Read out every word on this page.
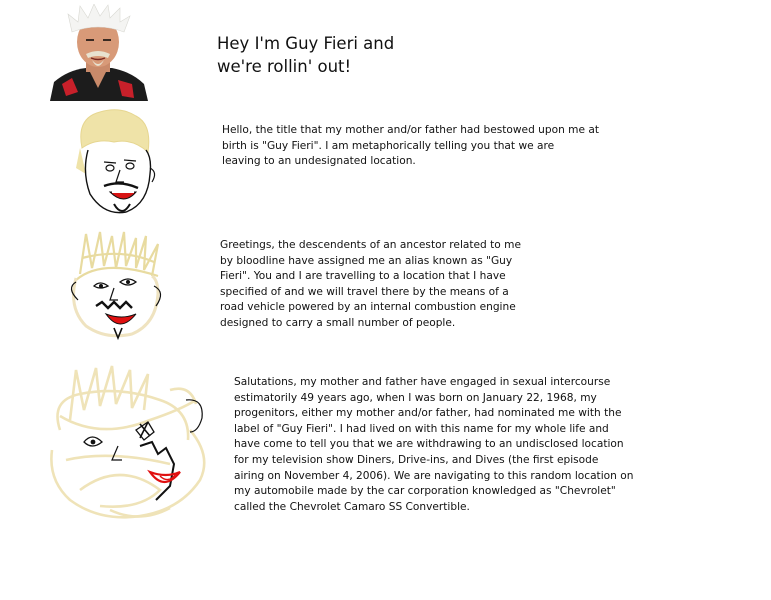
Hey I'm Guy Fieri and
we're rollin' out!
Hello, the title that my mother and/or father had bestowed upon me at
birth is "Guy Fieri". I am metaphorically telling you that we are
leaving to an undesignated location.
Greetings, the descendents of an ancestor related to me
by bloodline have assigned me an alias known as "Guy
Fieri". You and I are travelling to a location that I have
specified of and we will travel there by the means of a
road vehicle powered by an internal combustion engine
designed to carry a small number of people.
Salutations, my mother and father have engaged in sexual intercourse
estimatorily 49 years ago, when I was born on January 22, 1968, my
progenitors, either my mother and/or father, had nominated me with the
label of "Guy Fieri". I had lived on with this name for my whole life and
have come to tell you that we are withdrawing to an undisclosed location
for my television show Diners, Drive-ins, and Dives (the first episode
airing on November 4, 2006). We are navigating to this random location on
my automobile made by the car corporation knowledged as "Chevrolet"
called the Chevrolet Camaro SS Convertible.
